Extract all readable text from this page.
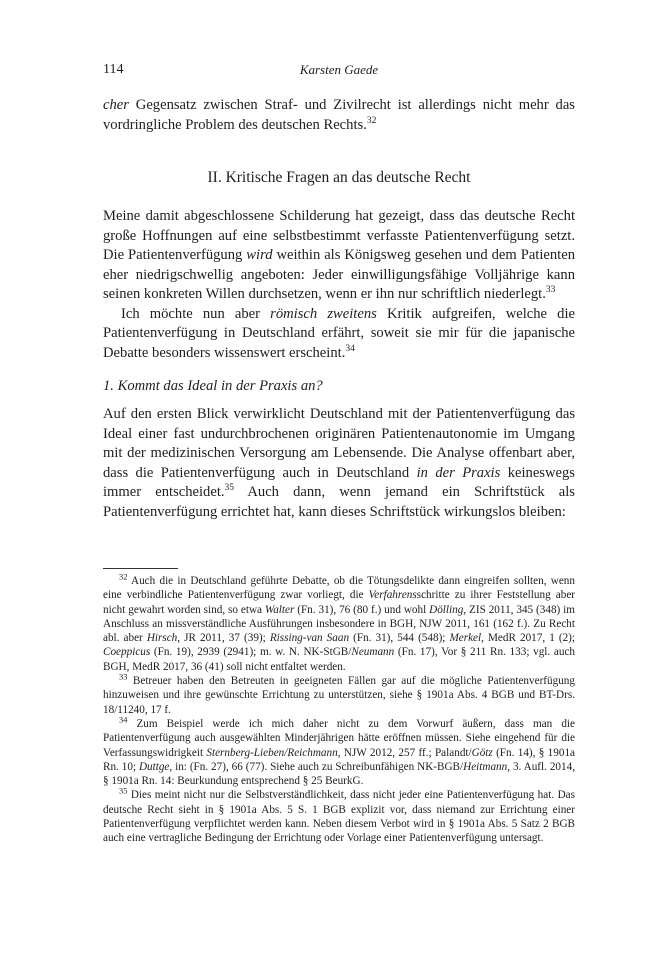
114	Karsten Gaede
cher Gegensatz zwischen Straf- und Zivilrecht ist allerdings nicht mehr das vordringliche Problem des deutschen Rechts.$^{32}$
II. Kritische Fragen an das deutsche Recht

Meine damit abgeschlossene Schilderung hat gezeigt, dass das deutsche Recht große Hoffnungen auf eine selbstbestimmt verfasste Patientenverfügung setzt. Die Patientenverfügung wird weithin als Königsweg gesehen und dem Patienten eher niedrigschwellig angeboten: Jeder einwilligungsfähige Volljährige kann seinen konkreten Willen durchsetzen, wenn er ihn nur schriftlich niederlegt.$^{33}$

Ich möchte nun aber römisch zweitens Kritik aufgreifen, welche die Patientenverfügung in Deutschland erfährt, soweit sie mir für die japanische Debatte besonders wissenswert erscheint.$^{34}$

1. Kommt das Ideal in der Praxis an?

Auf den ersten Blick verwirklicht Deutschland mit der Patientenverfügung das Ideal einer fast undurchbrochenen originären Patientenautonomie im Umgang mit der medizinischen Versorgung am Lebensende. Die Analyse offenbart aber, dass die Patientenverfügung auch in Deutschland in der Praxis keineswegs immer entscheidet.$^{35}$ Auch dann, wenn jemand ein Schriftstück als Patientenverfügung errichtet hat, kann dieses Schriftstück wirkungslos bleiben:

$^{32}$ Auch die in Deutschland geführte Debatte, ob die Tötungsdelikte dann eingreifen sollten, wenn eine verbindliche Patientenverfügung zwar vorliegt, die Verfahrensschritte zu ihrer Feststellung aber nicht gewahrt worden sind, so etwa Walter (Fn. 31), 76 (80 f.) und wohl Dölling, ZIS 2011, 345 (348) im Anschluss an missverständliche Ausführungen insbesondere in BGH, NJW 2011, 161 (162 f.). Zu Recht abl. aber Hirsch, JR 2011, 37 (39); Rissing-van Saan (Fn. 31), 544 (548); Merkel, MedR 2017, 1 (2); Coeppicus (Fn. 19), 2939 (2941); m. w. N. NK-StGB/Neumann (Fn. 17), Vor § 211 Rn. 133; vgl. auch BGH, MedR 2017, 36 (41) soll nicht entfaltet werden.

$^{33}$ Betreuer haben den Betreuten in geeigneten Fällen gar auf die mögliche Patientenverfügung hinzuweisen und ihre gewünschte Errichtung zu unterstützen, siehe § 1901a Abs. 4 BGB und BT-Drs. 18/11240, 17 f.

$^{34}$ Zum Beispiel werde ich mich daher nicht zu dem Vorwurf äußern, dass man die Patientenverfügung auch ausgewählten Minderjährigen hätte eröffnen müssen. Siehe eingehend für die Verfassungswidrigkeit Sternberg-Lieben/Reichmann, NJW 2012, 257 ff.; Palandt/Götz (Fn. 14), § 1901a Rn. 10; Duttge, in: (Fn. 27), 66 (77). Siehe auch zu Schreibunfähigen NK-BGB/Heitmann, 3. Aufl. 2014, § 1901a Rn. 14: Beurkundung entsprechend § 25 BeurkG.

$^{35}$ Dies meint nicht nur die Selbstverständlichkeit, dass nicht jeder eine Patientenverfügung hat. Das deutsche Recht sieht in § 1901a Abs. 5 S. 1 BGB explizit vor, dass niemand zur Errichtung einer Patientenverfügung verpflichtet werden kann. Neben diesem Verbot wird in § 1901a Abs. 5 Satz 2 BGB auch eine vertragliche Bedingung der Errichtung oder Vorlage einer Patientenverfügung untersagt.
